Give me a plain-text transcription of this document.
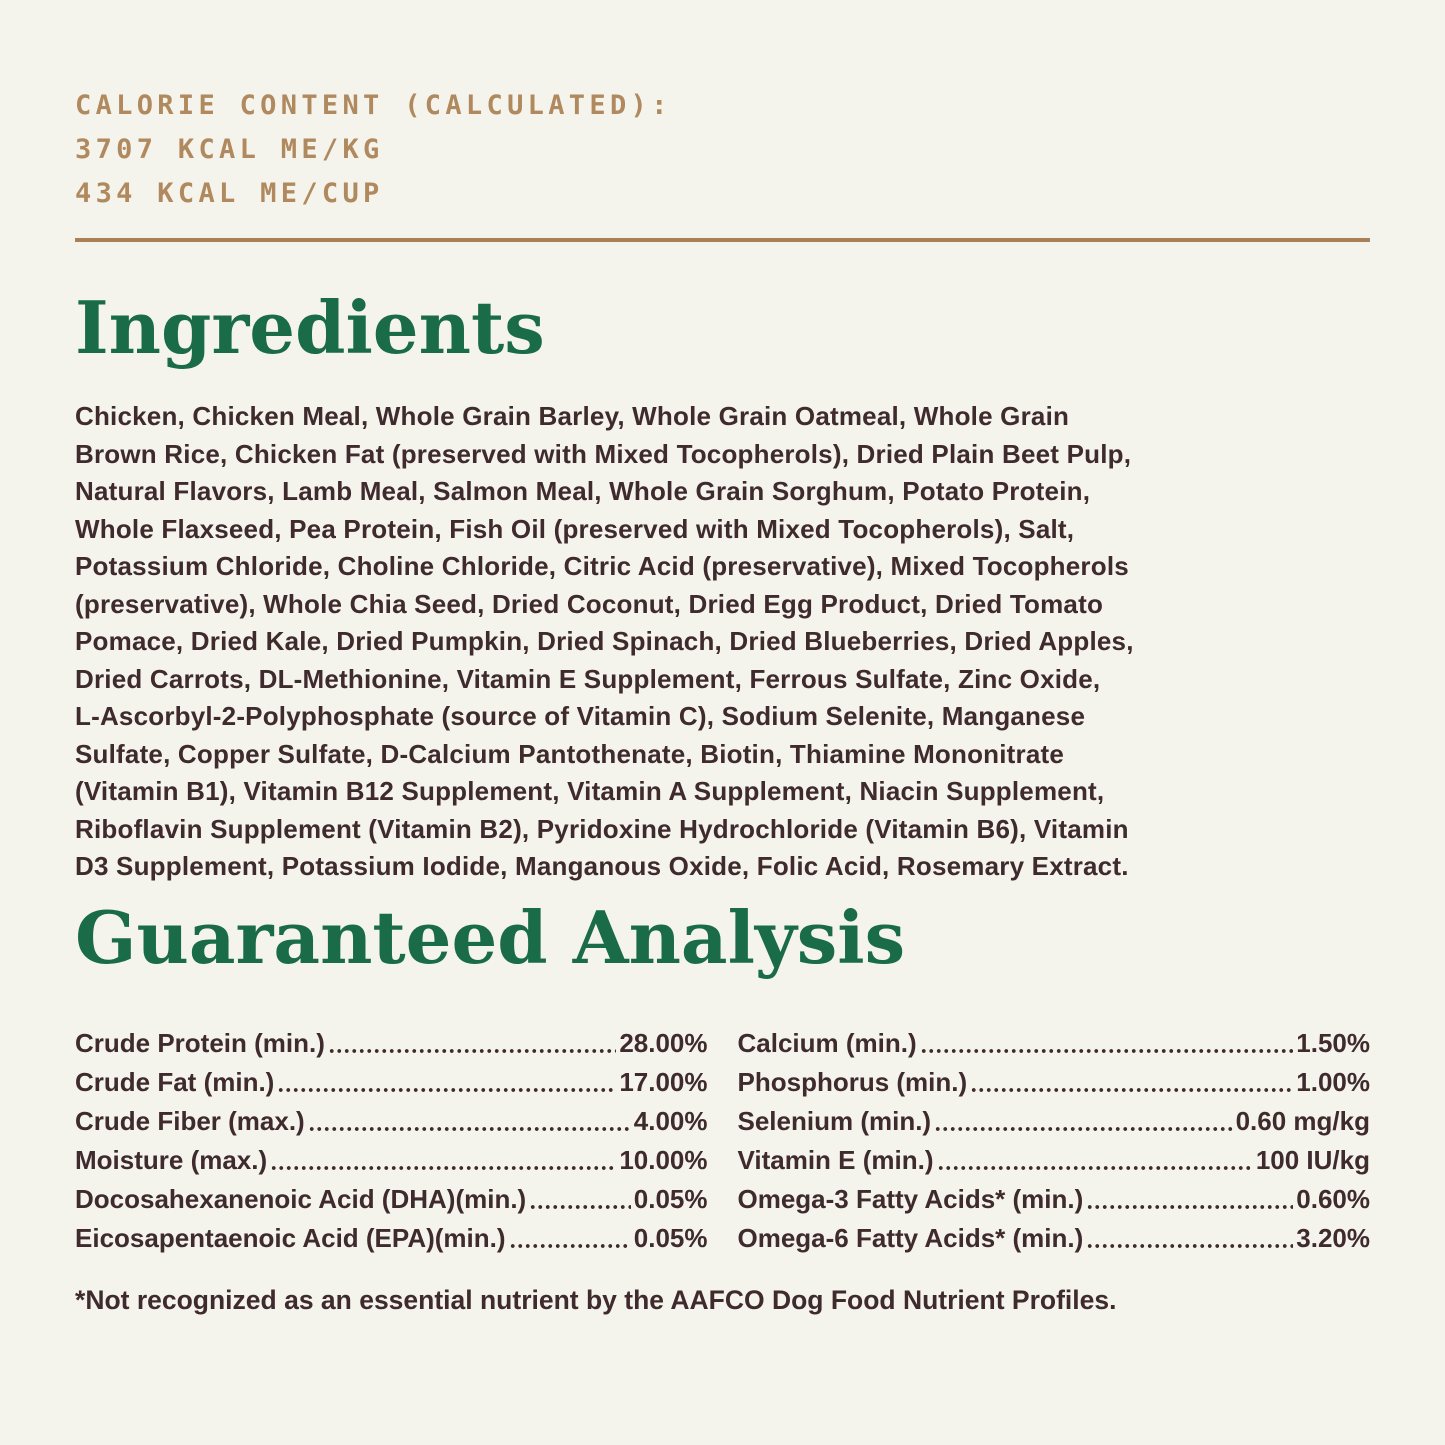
CALORIE CONTENT (CALCULATED):
3707 KCAL ME/KG
434 KCAL ME/CUP
Ingredients
Chicken, Chicken Meal, Whole Grain Barley, Whole Grain Oatmeal, Whole Grain
Brown Rice, Chicken Fat (preserved with Mixed Tocopherols), Dried Plain Beet Pulp,
Natural Flavors, Lamb Meal, Salmon Meal, Whole Grain Sorghum, Potato Protein,
Whole Flaxseed, Pea Protein, Fish Oil (preserved with Mixed Tocopherols), Salt,
Potassium Chloride, Choline Chloride, Citric Acid (preservative), Mixed Tocopherols
(preservative), Whole Chia Seed, Dried Coconut, Dried Egg Product, Dried Tomato
Pomace, Dried Kale, Dried Pumpkin, Dried Spinach, Dried Blueberries, Dried Apples,
Dried Carrots, DL-Methionine, Vitamin E Supplement, Ferrous Sulfate, Zinc Oxide,
L-Ascorbyl-2-Polyphosphate (source of Vitamin C), Sodium Selenite, Manganese
Sulfate, Copper Sulfate, D-Calcium Pantothenate, Biotin, Thiamine Mononitrate
(Vitamin B1), Vitamin B12 Supplement, Vitamin A Supplement, Niacin Supplement,
Riboflavin Supplement (Vitamin B2), Pyridoxine Hydrochloride (Vitamin B6), Vitamin
D3 Supplement, Potassium Iodide, Manganous Oxide, Folic Acid, Rosemary Extract.
Guaranteed Analysis
Crude Protein (min.)	28.00%
Crude Fat (min.)	17.00%
Crude Fiber (max.)	4.00%
Moisture (max.)	10.00%
Docosahexanenoic Acid (DHA)(min.)	0.05%
Eicosapentaenoic Acid (EPA)(min.)	0.05%
Calcium (min.)	1.50%
Phosphorus (min.)	1.00%
Selenium (min.)	0.60 mg/kg
Vitamin E (min.)	100 IU/kg
Omega-3 Fatty Acids* (min.)	0.60%
Omega-6 Fatty Acids* (min.)	3.20%

*Not recognized as an essential nutrient by the AAFCO Dog Food Nutrient Profiles.
